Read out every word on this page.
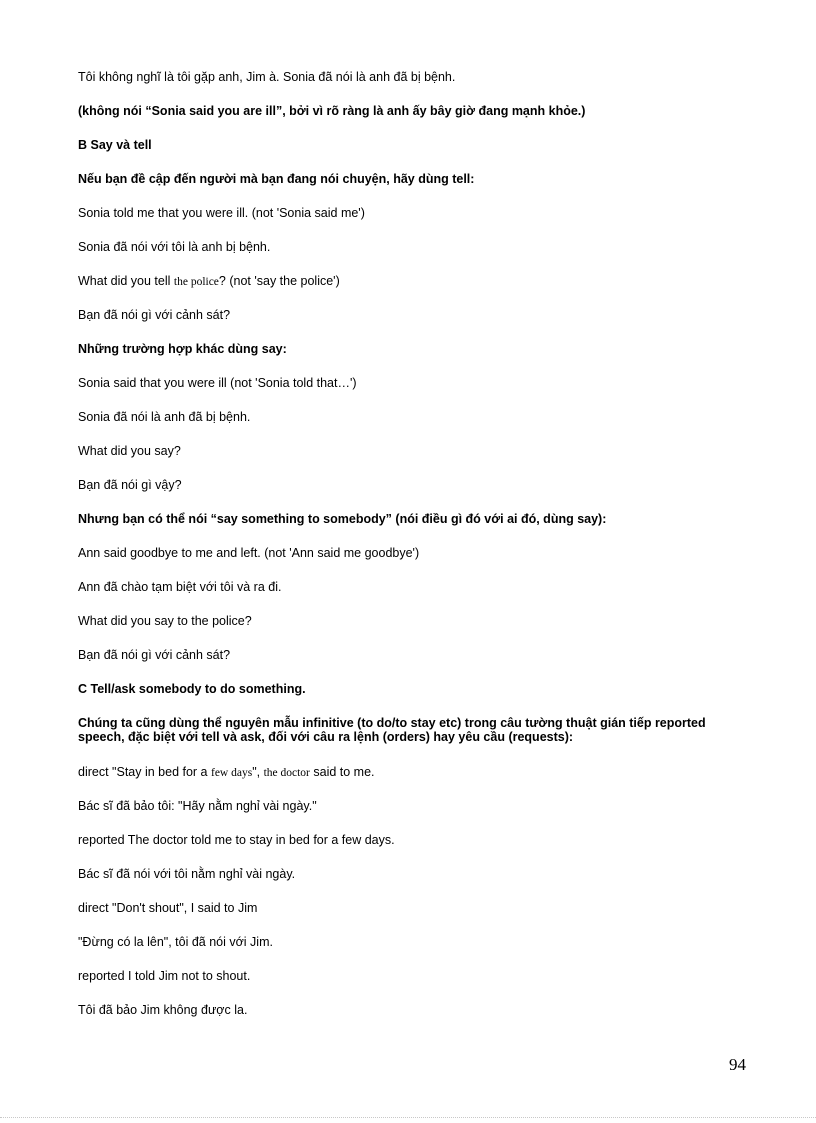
Tôi không nghĩ là tôi gặp anh, Jim à. Sonia đã nói là anh đã bị bệnh.

(không nói “Sonia said you are ill”, bởi vì rõ ràng là anh ấy bây giờ đang mạnh khỏe.)

B Say và tell

Nếu bạn đề cập đến người mà bạn đang nói chuyện, hãy dùng tell:

Sonia told me that you were ill. (not 'Sonia said me')

Sonia đã nói với tôi là anh bị bệnh.

What did you tell the police? (not 'say the police')

Bạn đã nói gì với cảnh sát?

Những trường hợp khác dùng say:

Sonia said that you were ill (not 'Sonia told that…')

Sonia đã nói là anh đã bị bệnh.

What did you say?

Bạn đã nói gì vậy?

Nhưng bạn có thể nói “say something to somebody” (nói điều gì đó với ai đó, dùng say):

Ann said goodbye to me and left. (not 'Ann said me goodbye')

Ann đã chào tạm biệt với tôi và ra đi.

What did you say to the police?

Bạn đã nói gì với cảnh sát?

C Tell/ask somebody to do something.

Chúng ta cũng dùng thể nguyên mẫu infinitive (to do/to stay etc) trong câu tường thuật gián tiếp reported speech, đặc biệt với tell và ask, đối với câu ra lệnh (orders) hay yêu cầu (requests):

direct "Stay in bed for a few days", the doctor said to me.

Bác sĩ đã bảo tôi: "Hãy nằm nghỉ vài ngày."

reported The doctor told me to stay in bed for a few days.

Bác sĩ đã nói với tôi nằm nghỉ vài ngày.

direct "Don't shout", I said to Jim

"Đừng có la lên", tôi đã nói với Jim.

reported I told Jim not to shout.

Tôi đã bảo Jim không được la.

94
